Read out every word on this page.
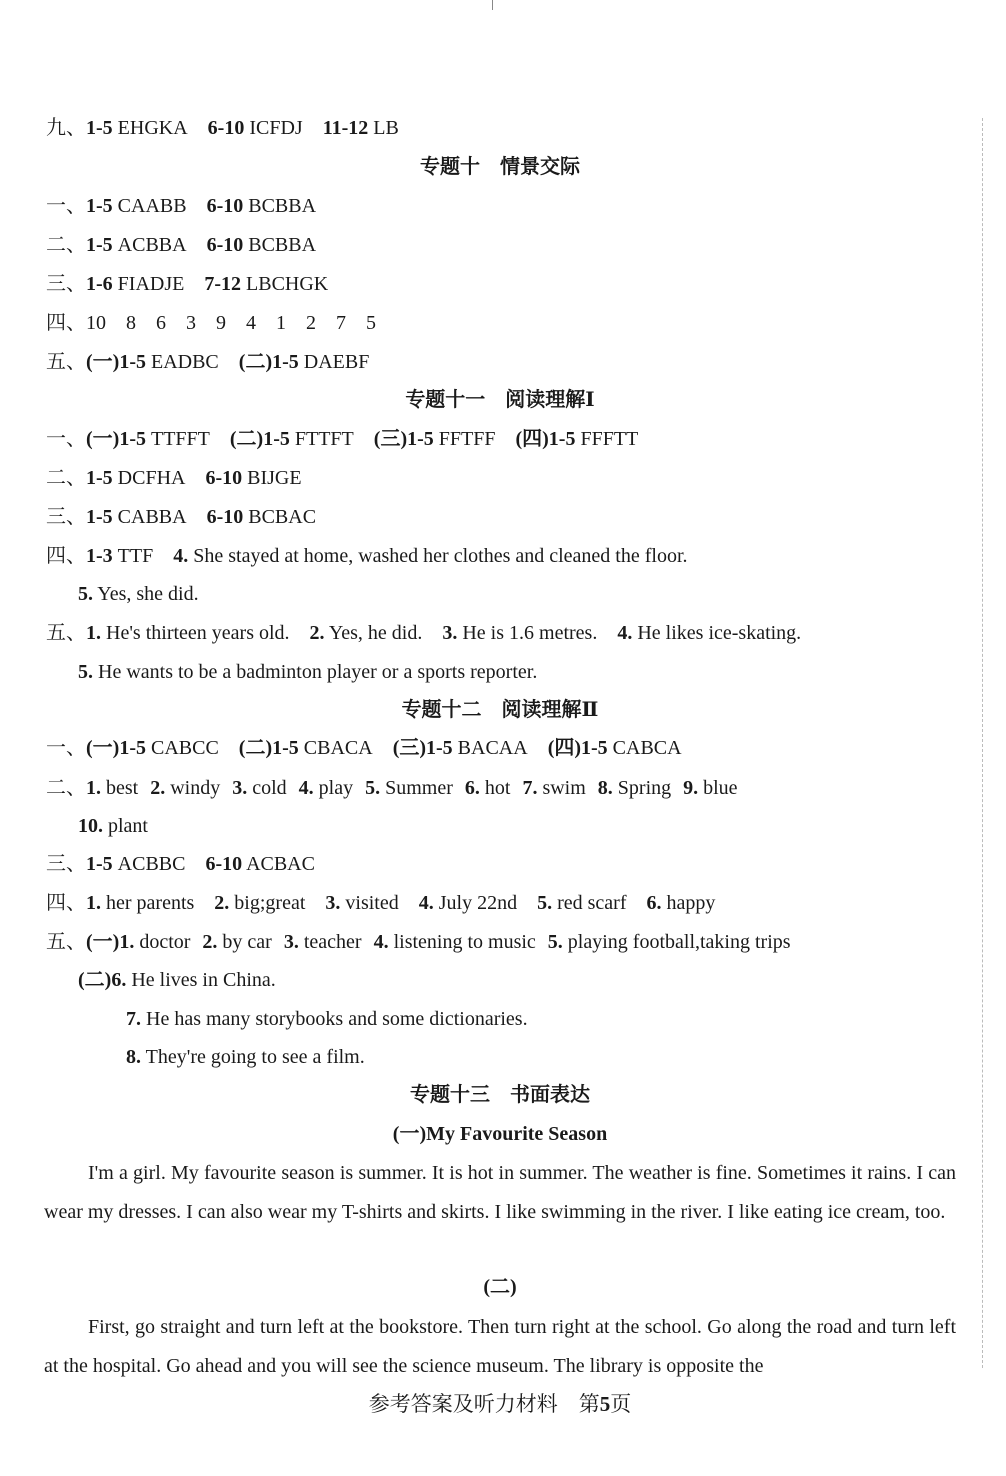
九、1-5 EHGKA 6-10 ICFDJ 11-12 LB
专题十　情景交际
一、1-5 CAABB 6-10 BCBBA
二、1-5 ACBBA 6-10 BCBBA
三、1-6 FIADJE 7-12 LBCHGK
四、10　8　6　3　9　4　1　2　7　5
五、(一)1-5 EADBC (二)1-5 DAEBF
专题十一　阅读理解Ⅰ
一、(一)1-5 TTFFT (二)1-5 FTTFT (三)1-5 FFTFF (四)1-5 FFFTT
二、1-5 DCFHA 6-10 BIJGE
三、1-5 CABBA 6-10 BCBAC
四、1-3 TTF 4. She stayed at home, washed her clothes and cleaned the floor.
5. Yes, she did.
五、1. He's thirteen years old. 2. Yes, he did. 3. He is 1.6 metres. 4. He likes ice-skating.
5. He wants to be a badminton player or a sports reporter.
专题十二　阅读理解Ⅱ
一、(一)1-5 CABCC (二)1-5 CBACA (三)1-5 BACAA (四)1-5 CABCA
二、1. best 2. windy 3. cold 4. play 5. Summer 6. hot 7. swim 8. Spring 9. blue
10. plant
三、1-5 ACBBC 6-10 ACBAC
四、1. her parents 2. big;great 3. visited 4. July 22nd 5. red scarf 6. happy
五、(一)1. doctor 2. by car 3. teacher 4. listening to music 5. playing football,taking trips
(二)6. He lives in China.
7. He has many storybooks and some dictionaries.
8. They're going to see a film.
专题十三　书面表达
(一)My Favourite Season
I'm a girl. My favourite season is summer. It is hot in summer. The weather is fine. Sometimes it rains. I can wear my dresses. I can also wear my T-shirts and skirts. I like swimming in the river. I like eating ice cream, too.
(二)
First, go straight and turn left at the bookstore. Then turn right at the school. Go along the road and turn left at the hospital. Go ahead and you will see the science museum. The library is opposite the
参考答案及听力材料　第5页
